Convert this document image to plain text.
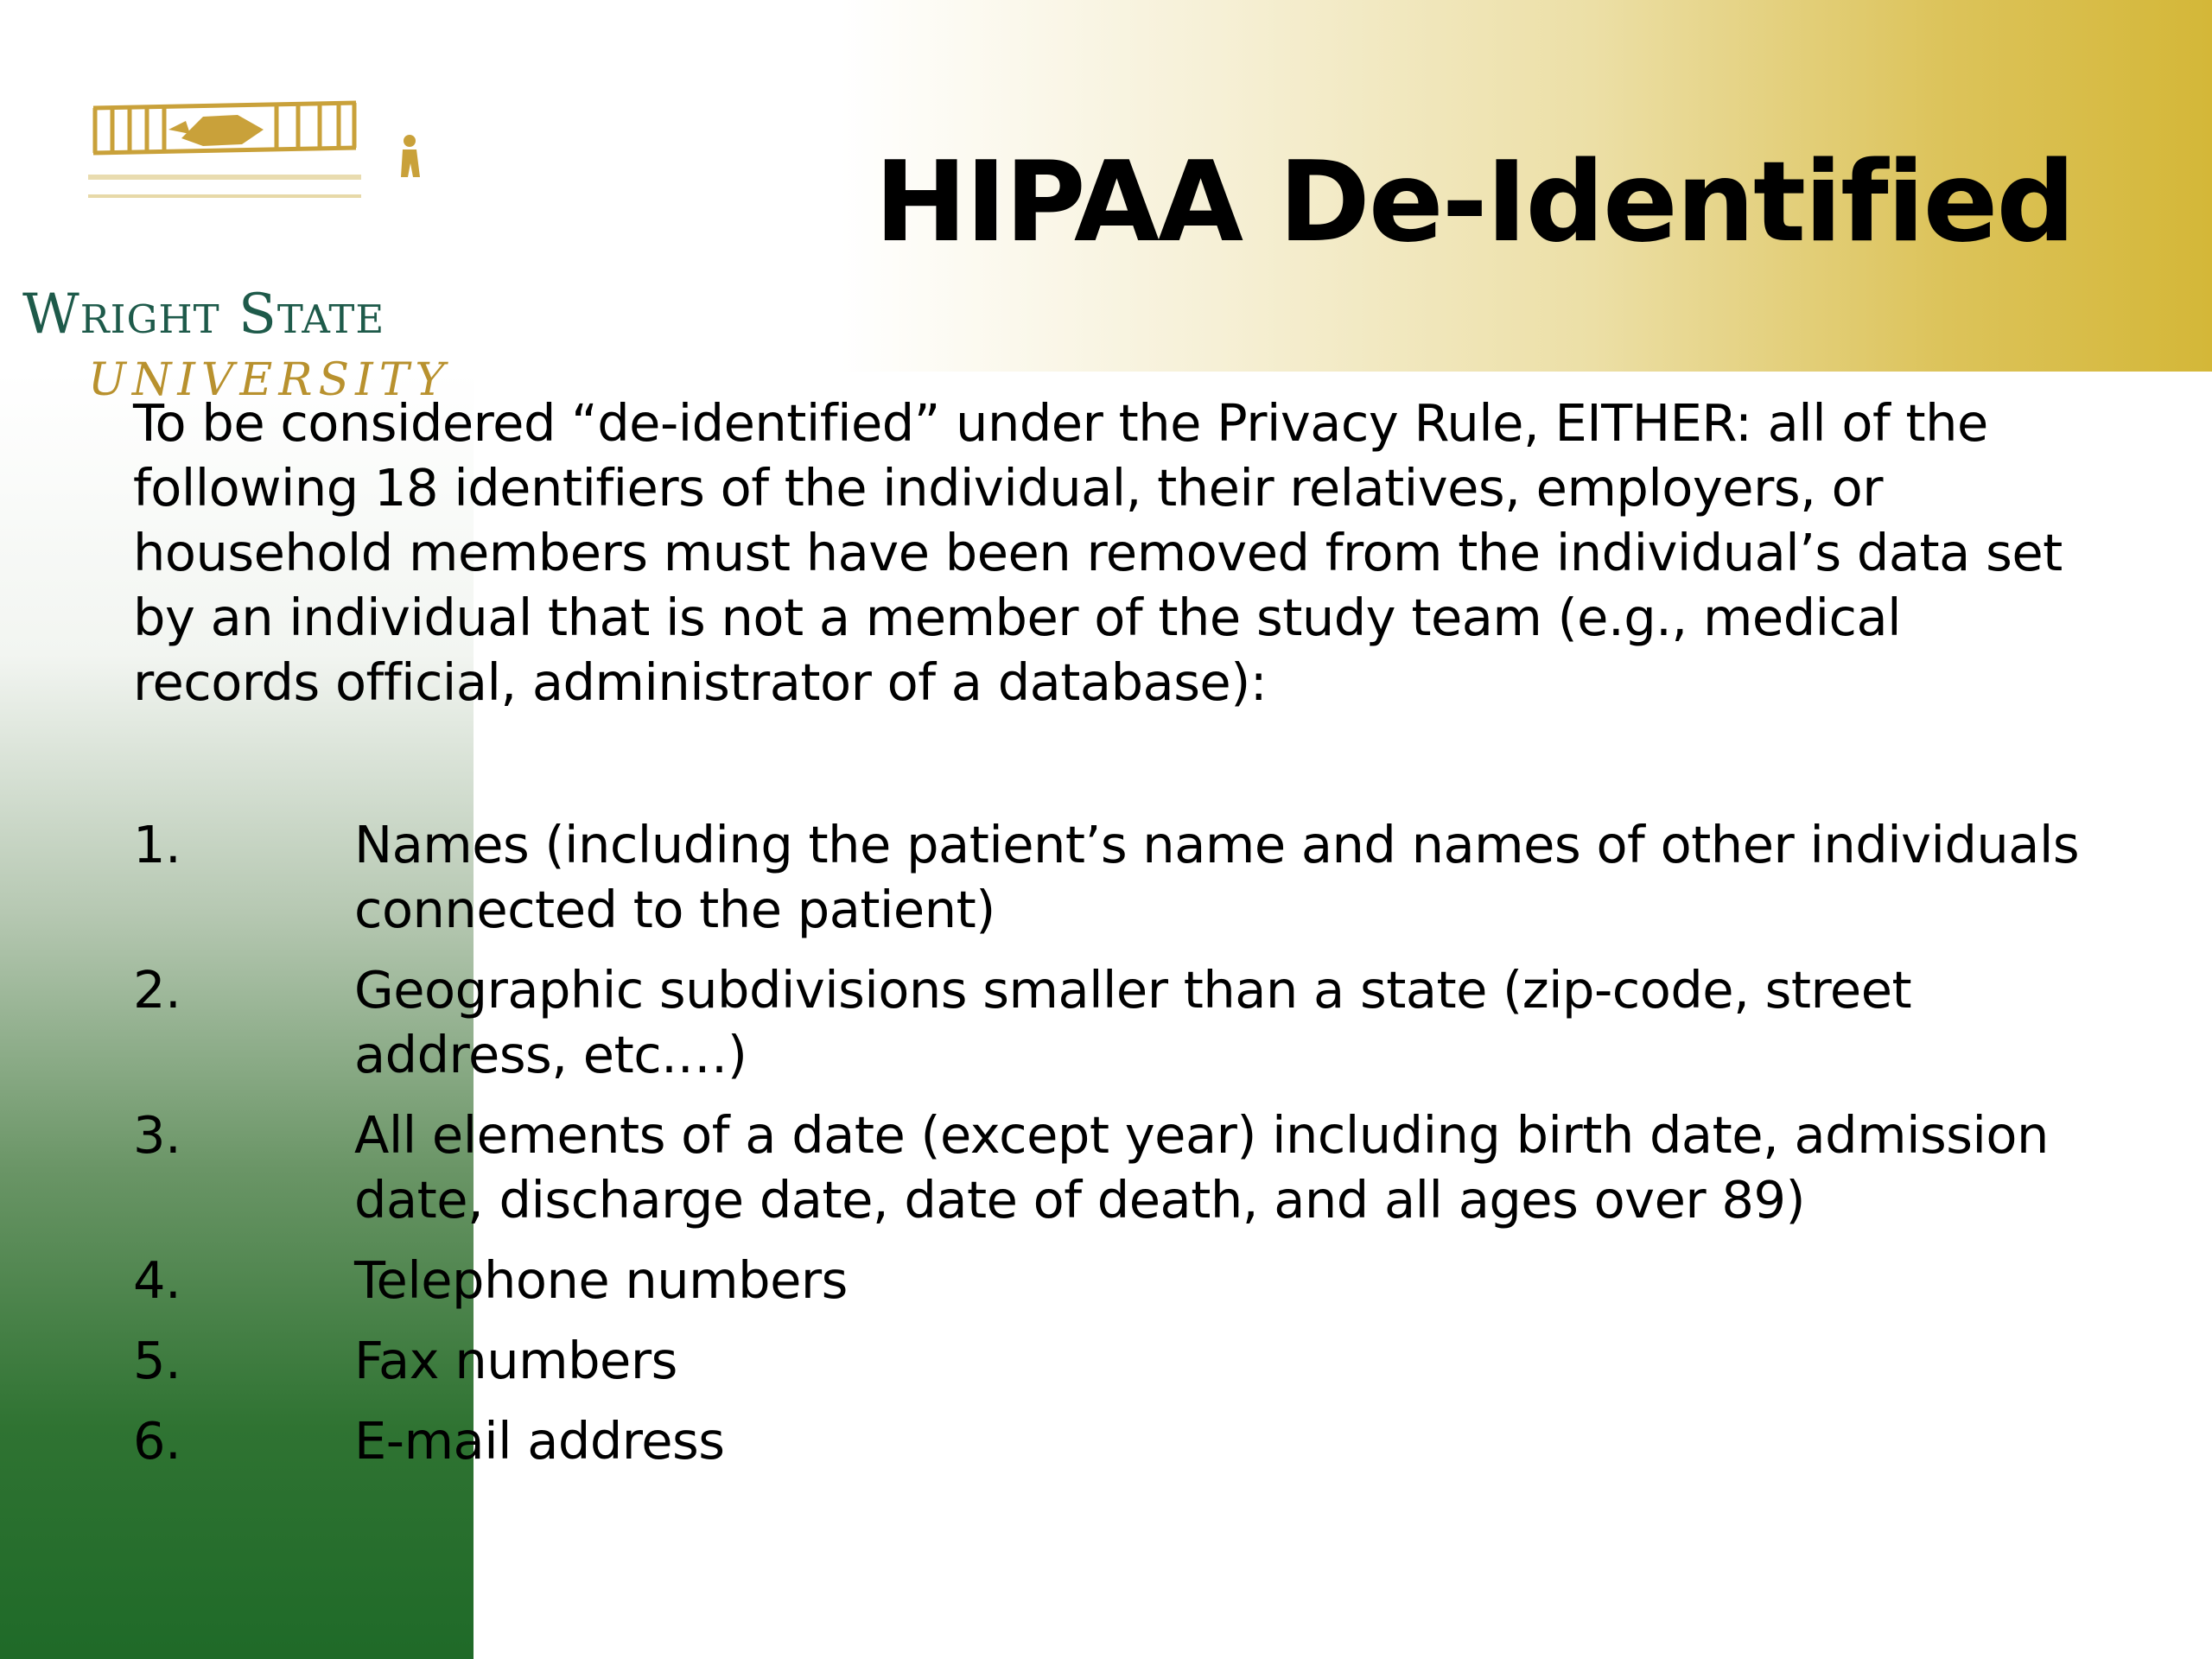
Wright State

UNIVERSITY

HIPAA De-Identified

To be considered “de-identified” under the Privacy Rule, EITHER: all of the following 18 identifiers of the individual, their relatives, employers, or household members must have been removed from the individual’s data set by an individual that is not a member of the study team (e.g., medical records official, administrator of a database):

1.	Names (including the patient’s name and names of other individuals connected to the patient)
2.	Geographic subdivisions smaller than a state (zip-code, street address, etc.…)
3.	All elements of a date (except year) including birth date, admission date, discharge date, date of death, and all ages over 89)
4.	Telephone numbers
5.	Fax numbers
6.	E-mail address
